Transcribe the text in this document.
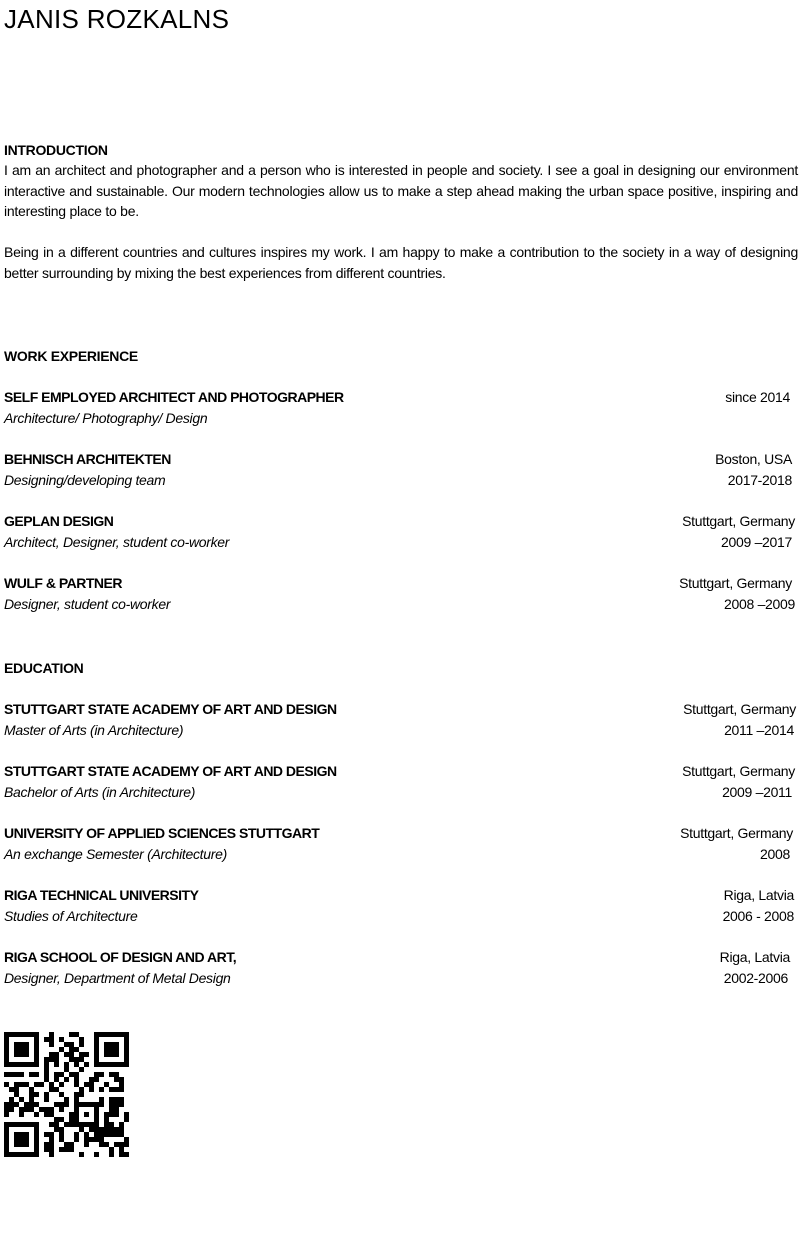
JANIS ROZKALNS
INTRODUCTION

I am an architect and photographer and a person who is interested in people and society. I see a goal in designing our environment interactive and sustainable. Our modern technologies allow us to make a step ahead making the urban space positive, inspiring and interesting place to be.

Being in a different countries and cultures inspires my work. I am happy to make a contribution to the society in a way of designing better surrounding by mixing the best experiences from different countries.

WORK EXPERIENCE
SELF EMPLOYED ARCHITECT AND PHOTOGRAPHER
Architecture/ Photography/ Design
since 2014
BEHNISCH ARCHITEKTEN
Designing/developing team
Boston, USA
2017-2018
GEPLAN DESIGN
Architect, Designer, student co-worker
Stuttgart, Germany
2009 –2017
WULF & PARTNER
Designer, student co-worker
Stuttgart, Germany
2008 –2009
EDUCATION
STUTTGART STATE ACADEMY OF ART AND DESIGN
Master of Arts (in Architecture)
Stuttgart, Germany
2011 –2014
STUTTGART STATE ACADEMY OF ART AND DESIGN
Bachelor of Arts (in Architecture)
Stuttgart, Germany
2009 –2011
UNIVERSITY OF APPLIED SCIENCES STUTTGART
An exchange Semester (Architecture)
Stuttgart, Germany
2008
RIGA TECHNICAL UNIVERSITY
Studies of Architecture
Riga, Latvia
2006 - 2008
RIGA SCHOOL OF DESIGN AND ART,
Designer, Department of Metal Design
Riga, Latvia
2002-2006
